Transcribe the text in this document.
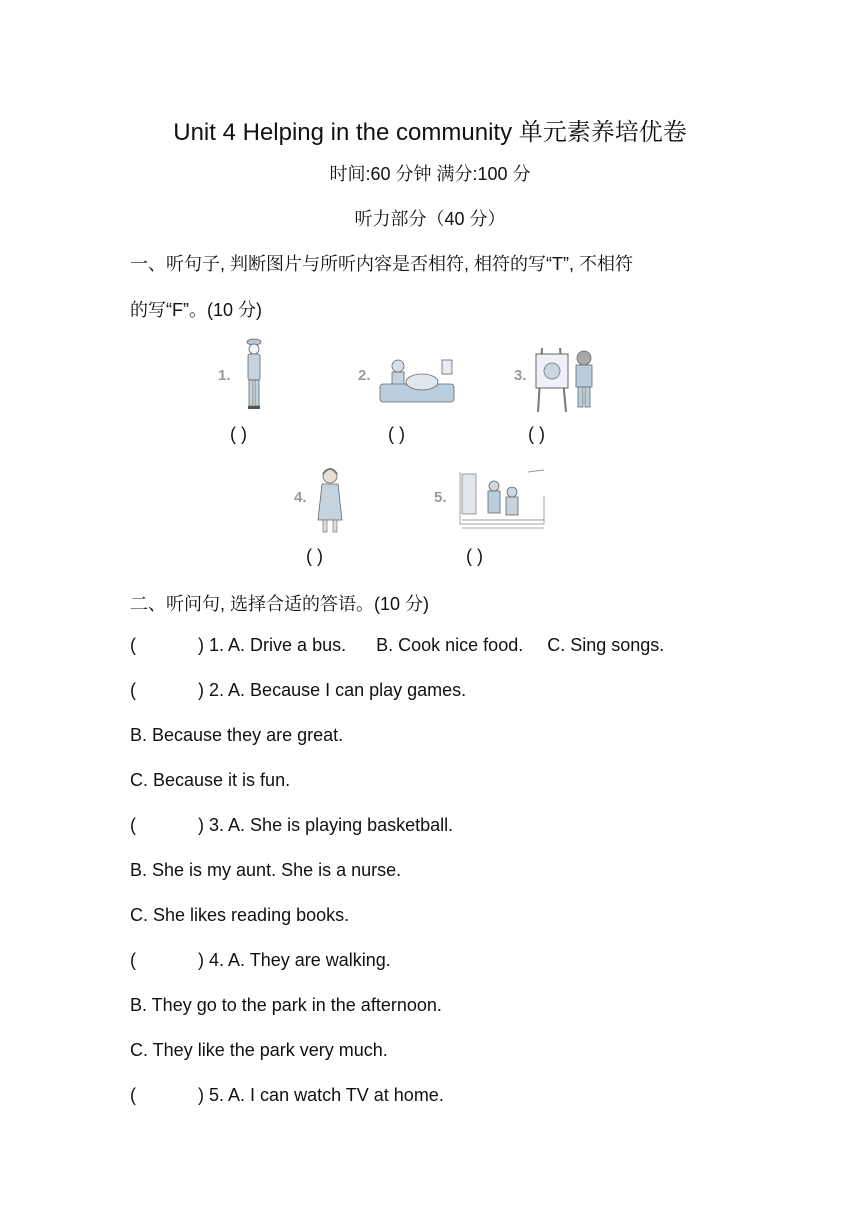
Unit 4 Helping in the community 单元素养培优卷
时间:60 分钟 满分:100 分
听力部分（40 分）
一、听句子, 判断图片与所听内容是否相符, 相符的写“T”, 不相符
的写“F”。(10 分)
1.
( )
2.
( )
3.
( )
4.
( )
5.
( )
二、听问句, 选择合适的答语。(10 分)
(	) 1. A. Drive a bus. B. Cook nice food. C. Sing songs.
(	) 2. A. Because I can play games.
B. Because they are great.
C. Because it is fun.
(	) 3. A. She is playing basketball.
B. She is my aunt. She is a nurse.
C. She likes reading books.
(	) 4. A. They are walking.
B. They go to the park in the afternoon.
C. They like the park very much.
(	) 5. A. I can watch TV at home.
